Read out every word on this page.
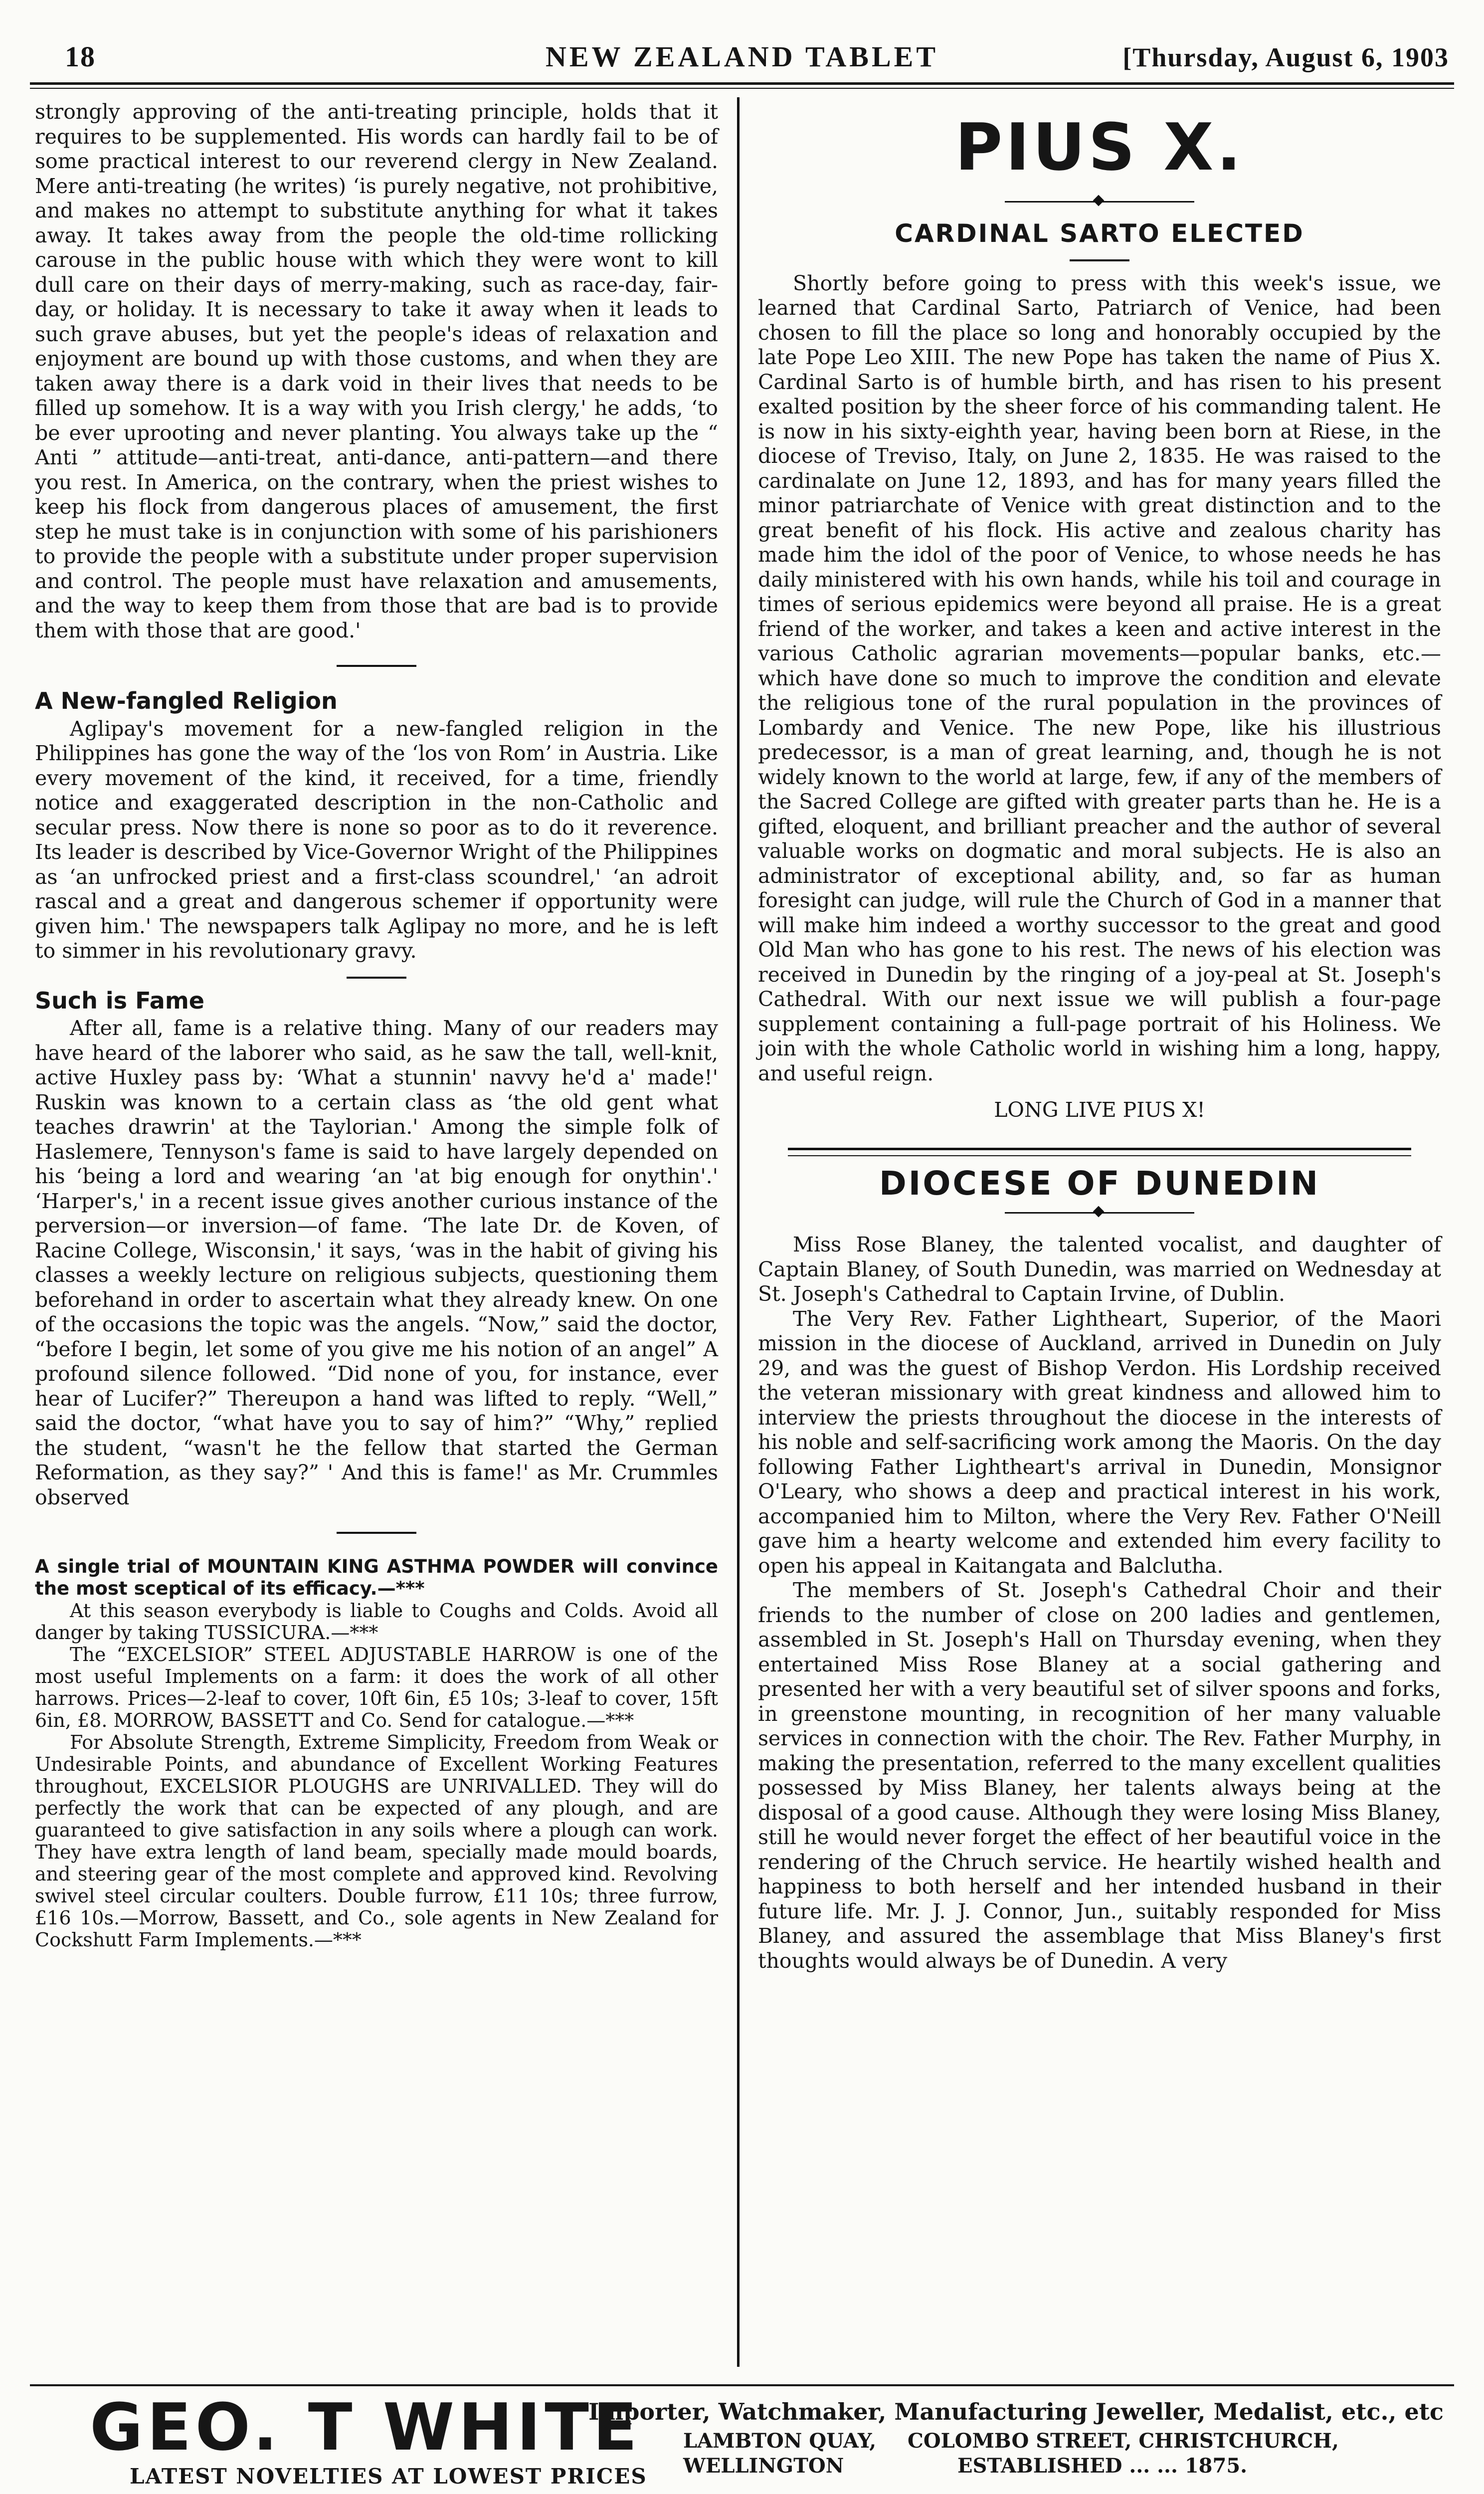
18	NEW ZEALAND TABLET	[Thursday, August 6, 1903

strongly approving of the anti-treating principle, holds that it requires to be supplemented. His words can hardly fail to be of some practical interest to our reverend clergy in New Zealand. Mere anti-treating (he writes) ‘is purely negative, not prohibitive, and makes no attempt to substitute anything for what it takes away. It takes away from the people the old-time rollicking carouse in the public house with which they were wont to kill dull care on their days of merry-making, such as race-day, fair-day, or holiday. It is necessary to take it away when it leads to such grave abuses, but yet the people's ideas of relaxation and enjoyment are bound up with those customs, and when they are taken away there is a dark void in their lives that needs to be filled up somehow. It is a way with you Irish clergy,' he adds, ‘to be ever uprooting and never planting. You always take up the “ Anti ” attitude—anti-treat, anti-dance, anti-pattern—and there you rest. In America, on the contrary, when the priest wishes to keep his flock from dangerous places of amusement, the first step he must take is in conjunction with some of his parishioners to provide the people with a substitute under proper supervision and control. The people must have relaxation and amusements, and the way to keep them from those that are bad is to provide them with those that are good.'

A New-fangled Religion

Aglipay's movement for a new-fangled religion in the Philippines has gone the way of the ‘los von Rom’ in Austria. Like every movement of the kind, it received, for a time, friendly notice and exaggerated description in the non-Catholic and secular press. Now there is none so poor as to do it reverence. Its leader is described by Vice-Governor Wright of the Philippines as ‘an unfrocked priest and a first-class scoundrel,' ‘an adroit rascal and a great and dangerous schemer if opportunity were given him.' The newspapers talk Aglipay no more, and he is left to simmer in his revolutionary gravy.

Such is Fame

After all, fame is a relative thing. Many of our readers may have heard of the laborer who said, as he saw the tall, well-knit, active Huxley pass by: ‘What a stunnin' navvy he'd a' made!' Ruskin was known to a certain class as ‘the old gent what teaches drawrin' at the Taylorian.' Among the simple folk of Haslemere, Tennyson's fame is said to have largely depended on his ‘being a lord and wearing ‘an 'at big enough for onythin'.' ‘Harper's,' in a recent issue gives another curious instance of the perversion—or inversion—of fame. ‘The late Dr. de Koven, of Racine College, Wisconsin,' it says, ‘was in the habit of giving his classes a weekly lecture on religious subjects, questioning them beforehand in order to ascertain what they already knew. On one of the occasions the topic was the angels. “Now,” said the doctor, “before I begin, let some of you give me his notion of an angel” A profound silence followed. “Did none of you, for instance, ever hear of Lucifer?” Thereupon a hand was lifted to reply. “Well,” said the doctor, “what have you to say of him?” “Why,” replied the student, “wasn't he the fellow that started the German Reformation, as they say?” ' And this is fame!' as Mr. Crummles observed

A single trial of MOUNTAIN KING ASTHMA POWDER will convince the most sceptical of its efficacy.—***

At this season everybody is liable to Coughs and Colds. Avoid all danger by taking TUSSICURA.—***

The “EXCELSIOR” STEEL ADJUSTABLE HARROW is one of the most useful Implements on a farm: it does the work of all other harrows. Prices—2-leaf to cover, 10ft 6in, £5 10s; 3-leaf to cover, 15ft 6in, £8. MORROW, BASSETT and Co. Send for catalogue.—***

For Absolute Strength, Extreme Simplicity, Freedom from Weak or Undesirable Points, and abundance of Excellent Working Features throughout, EXCELSIOR PLOUGHS are UNRIVALLED. They will do perfectly the work that can be expected of any plough, and are guaranteed to give satisfaction in any soils where a plough can work. They have extra length of land beam, specially made mould boards, and steering gear of the most complete and approved kind. Revolving swivel steel circular coulters. Double furrow, £11 10s; three furrow, £16 10s.—Morrow, Bassett, and Co., sole agents in New Zealand for Cockshutt Farm Implements.—***

PIUS X.
CARDINAL SARTO ELECTED

Shortly before going to press with this week's issue, we learned that Cardinal Sarto, Patriarch of Venice, had been chosen to fill the place so long and honorably occupied by the late Pope Leo XIII. The new Pope has taken the name of Pius X. Cardinal Sarto is of humble birth, and has risen to his present exalted position by the sheer force of his commanding talent. He is now in his sixty-eighth year, having been born at Riese, in the diocese of Treviso, Italy, on June 2, 1835. He was raised to the cardinalate on June 12, 1893, and has for many years filled the minor patriarchate of Venice with great distinction and to the great benefit of his flock. His active and zealous charity has made him the idol of the poor of Venice, to whose needs he has daily ministered with his own hands, while his toil and courage in times of serious epidemics were beyond all praise. He is a great friend of the worker, and takes a keen and active interest in the various Catholic agrarian movements—popular banks, etc.—which have done so much to improve the condition and elevate the religious tone of the rural population in the provinces of Lombardy and Venice. The new Pope, like his illustrious predecessor, is a man of great learning, and, though he is not widely known to the world at large, few, if any of the members of the Sacred College are gifted with greater parts than he. He is a gifted, eloquent, and brilliant preacher and the author of several valuable works on dogmatic and moral subjects. He is also an administrator of exceptional ability, and, so far as human foresight can judge, will rule the Church of God in a manner that will make him indeed a worthy successor to the great and good Old Man who has gone to his rest. The news of his election was received in Dunedin by the ringing of a joy-peal at St. Joseph's Cathedral. With our next issue we will publish a four-page supplement containing a full-page portrait of his Holiness. We join with the whole Catholic world in wishing him a long, happy, and useful reign.

LONG LIVE PIUS X!

DIOCESE OF DUNEDIN

Miss Rose Blaney, the talented vocalist, and daughter of Captain Blaney, of South Dunedin, was married on Wednesday at St. Joseph's Cathedral to Captain Irvine, of Dublin.

The Very Rev. Father Lightheart, Superior, of the Maori mission in the diocese of Auckland, arrived in Dunedin on July 29, and was the guest of Bishop Verdon. His Lordship received the veteran missionary with great kindness and allowed him to interview the priests throughout the diocese in the interests of his noble and self-sacrificing work among the Maoris. On the day following Father Lightheart's arrival in Dunedin, Monsignor O'Leary, who shows a deep and practical interest in his work, accompanied him to Milton, where the Very Rev. Father O'Neill gave him a hearty welcome and extended him every facility to open his appeal in Kaitangata and Balclutha.

The members of St. Joseph's Cathedral Choir and their friends to the number of close on 200 ladies and gentlemen, assembled in St. Joseph's Hall on Thursday evening, when they entertained Miss Rose Blaney at a social gathering and presented her with a very beautiful set of silver spoons and forks, in greenstone mounting, in recognition of her many valuable services in connection with the choir. The Rev. Father Murphy, in making the presentation, referred to the many excellent qualities possessed by Miss Blaney, her talents always being at the disposal of a good cause. Although they were losing Miss Blaney, still he would never forget the effect of her beautiful voice in the rendering of the Chruch service. He heartily wished health and happiness to both herself and her intended husband in their future life. Mr. J. J. Connor, Jun., suitably responded for Miss Blaney, and assured the assemblage that Miss Blaney's first thoughts would always be of Dunedin. A very

GEO. T WHITE
LATEST NOVELTIES AT LOWEST PRICES
Importer, Watchmaker, Manufacturing Jeweller, Medalist, etc., etc
LAMBTON QUAY, COLOMBO STREET, CHRISTCHURCH,
WELLINGTON	ESTABLISHED ... ... 1875.
